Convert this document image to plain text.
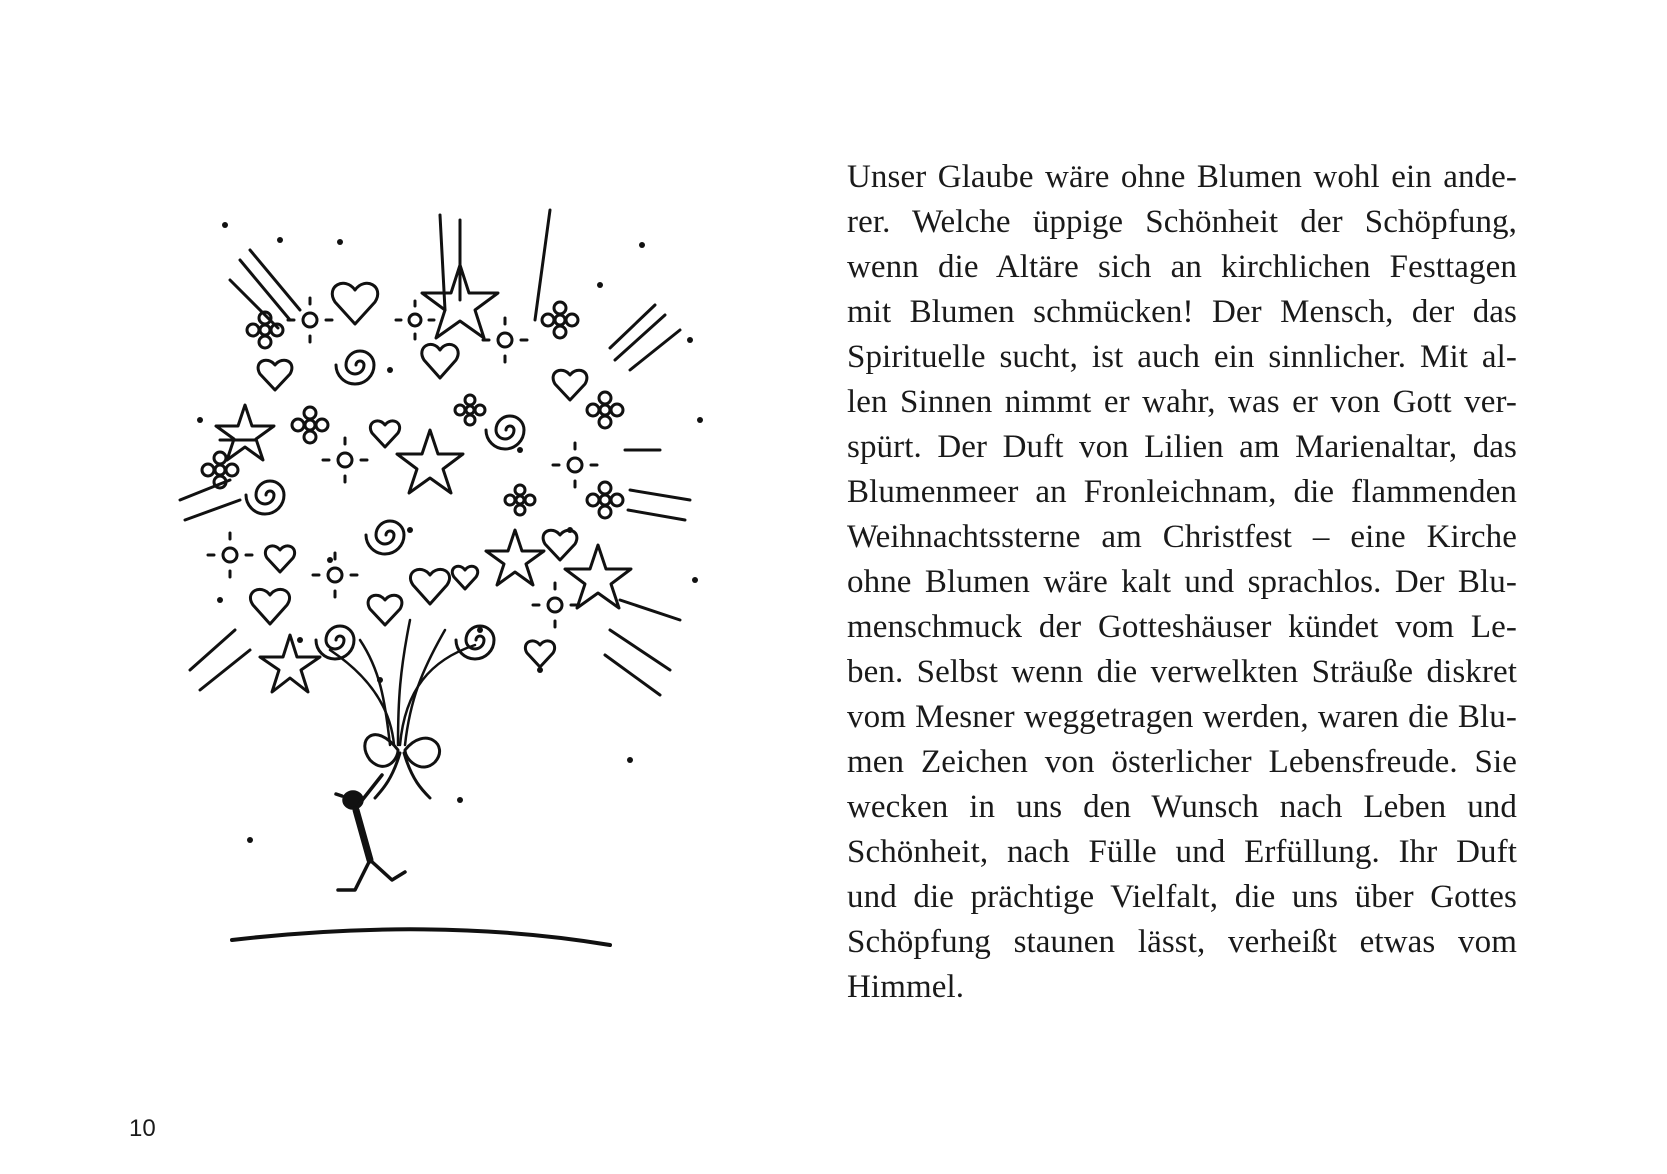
Unser Glaube wäre ohne Blumen wohl ein ande-
rer. Welche üppige Schönheit der Schöpfung,
wenn die Altäre sich an kirchlichen Festtagen
mit Blumen schmücken! Der Mensch, der das
Spirituelle sucht, ist auch ein sinnlicher. Mit al-
len Sinnen nimmt er wahr, was er von Gott ver-
spürt. Der Duft von Lilien am Marienaltar, das
Blumenmeer an Fronleichnam, die flammenden
Weihnachtssterne am Christfest – eine Kirche
ohne Blumen wäre kalt und sprachlos. Der Blu-
menschmuck der Gotteshäuser kündet vom Le-
ben. Selbst wenn die verwelkten Sträuße diskret
vom Mesner weggetragen werden, waren die Blu-
men Zeichen von österlicher Lebensfreude. Sie
wecken in uns den Wunsch nach Leben und
Schönheit, nach Fülle und Erfüllung. Ihr Duft
und die prächtige Vielfalt, die uns über Gottes
Schöpfung staunen lässt, verheißt etwas vom
Himmel.
10
